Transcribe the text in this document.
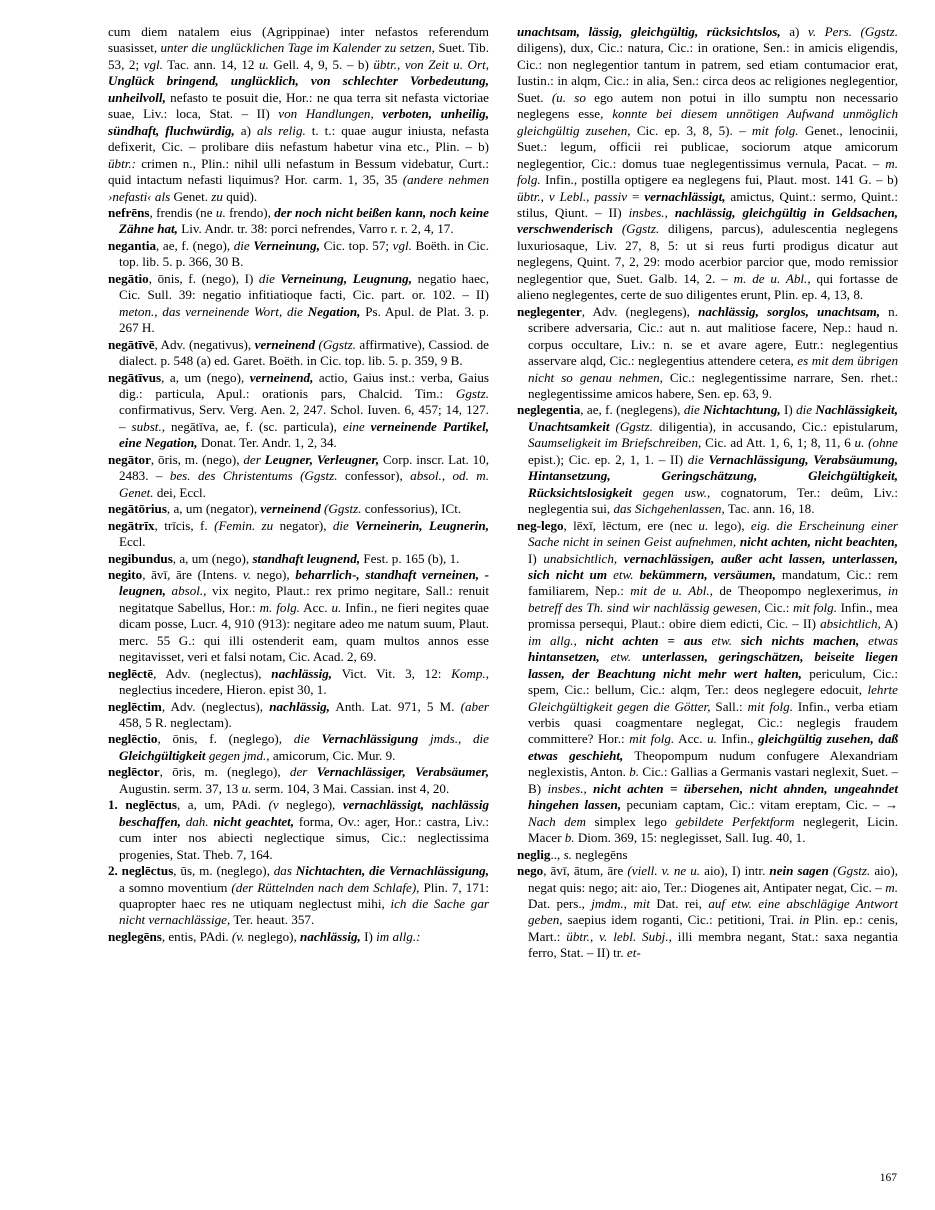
cum diem natalem eius (Agrippinae) inter nefastos referendum suasisset, unter die unglücklichen Tage im Kalender zu setzen, Suet. Tib. 53, 2; vgl. Tac. ann. 14, 12 u. Gell. 4, 9, 5. – b) übtr., von Zeit u. Ort, Unglück bringend, unglücklich, von schlechter Vorbedeutung, unheilvoll, nefasto te posuit die, Hor.: ne qua terra sit nefasta victoriae suae, Liv.: loca, Stat. – II) von Handlungen, verboten, unheilig, sündhaft, fluchwürdig, a) als relig. t. t.: quae augur iniusta, nefasta defixerit, Cic. – prolibare diis nefastum habetur vina etc., Plin. – b) übtr.: crimen n., Plin.: nihil ulli nefastum in Bessum videbatur, Curt.: quid intactum nefasti liquimus? Hor. carm. 1, 35, 35 (andere nehmen ›nefasti‹ als Genet. zu quid).

nefrēns, frendis (ne u. frendo), der noch nicht beißen kann, noch keine Zähne hat, Liv. Andr. tr. 38: porci nefrendes, Varro r. r. 2, 4, 17.

negantia, ae, f. (nego), die Verneinung, Cic. top. 57; vgl. Boëth. in Cic. top. lib. 5. p. 366, 30 B.

negātio, ōnis, f. (nego), I) die Verneinung, Leugnung, negatio haec, Cic. Sull. 39: negatio infitiatioque facti, Cic. part. or. 102. – II) meton., das verneinende Wort, die Negation, Ps. Apul. de Plat. 3. p. 267 H.

negātīvē, Adv. (negativus), verneinend (Ggstz. affirmative), Cassiod. de dialect. p. 548 (a) ed. Garet. Boëth. in Cic. top. lib. 5. p. 359, 9 B.

negātīvus, a, um (nego), verneinend, actio, Gaius inst.: verba, Gaius dig.: particula, Apul.: orationis pars, Chalcid. Tim.: Ggstz. confirmativus, Serv. Verg. Aen. 2, 247. Schol. Iuven. 6, 457; 14, 127. – subst., negātīva, ae, f. (sc. particula), eine verneinende Partikel, eine Negation, Donat. Ter. Andr. 1, 2, 34.

negātor, ōris, m. (nego), der Leugner, Verleugner, Corp. inscr. Lat. 10, 2483. – bes. des Christentums (Ggstz. confessor), absol., od. m. Genet. dei, Eccl.

negātōrius, a, um (negator), verneinend (Ggstz. confessorius), ICt.

negātrīx, trīcis, f. (Femin. zu negator), die Verneinerin, Leugnerin, Eccl.

negibundus, a, um (nego), standhaft leugnend, Fest. p. 165 (b), 1.

negito, āvī, āre (Intens. v. nego), beharrlich-, standhaft verneinen, -leugnen, absol., vix negito, Plaut.: rex primo negitare, Sall.: renuit negitatque Sabellus, Hor.: m. folg. Acc. u. Infin., ne fieri negites quae dicam posse, Lucr. 4, 910 (913): negitare adeo me natum suum, Plaut. merc. 55 G.: qui illi ostenderit eam, quam multos annos esse negitavisset, veri et falsi notam, Cic. Acad. 2, 69.

neglēctē, Adv. (neglectus), nachlässig, Vict. Vit. 3, 12: Komp., neglectius incedere, Hieron. epist 30, 1.

neglēctim, Adv. (neglectus), nachlässig, Anth. Lat. 971, 5 M. (aber 458, 5 R. neglectam).

neglēctio, ōnis, f. (neglego), die Vernachlässigung jmds., die Gleichgültigkeit gegen jmd., amicorum, Cic. Mur. 9.

neglēctor, ōris, m. (neglego), der Vernachlässiger, Verabsäumer, Augustin. serm. 37, 13 u. serm. 104, 3 Mai. Cassian. inst 4, 20.

1. neglēctus, a, um, PAdi. (v neglego), vernachlässigt, nachlässig beschaffen, dah. nicht geachtet, forma, Ov.: ager, Hor.: castra, Liv.: cum inter nos abiecti neglectique simus, Cic.: neglectissima progenies, Stat. Theb. 7, 164.

2. neglēctus, ūs, m. (neglego), das Nichtachten, die Vernachlässigung, a somno moventium (der Rüttelnden nach dem Schlafe), Plin. 7, 171: quapropter haec res ne utiquam neglectust mihi, ich die Sache gar nicht vernachlässige, Ter. heaut. 357.

neglegēns, entis, PAdi. (v. neglego), nachlässig, I) im allg.:

unachtsam, lässig, gleichgültig, rücksichtslos, a) v. Pers. (Ggstz. diligens), dux, Cic.: natura, Cic.: in oratione, Sen.: in amicis eligendis, Cic.: non neglegentior tantum in patrem, sed etiam contumacior erat, Iustin.: in alqm, Cic.: in alia, Sen.: circa deos ac religiones neglegentior, Suet. (u. so ego autem non potui in illo sumptu non necessario neglegens esse, konnte bei diesem unnötigen Aufwand unmöglich gleichgültig zusehen, Cic. ep. 3, 8, 5). – mit folg. Genet., lenocinii, Suet.: legum, officii rei publicae, sociorum atque amicorum neglegentior, Cic.: domus tuae neglegentissimus vernula, Pacat. – m. folg. Infin., postilla optigere ea neglegens fui, Plaut. most. 141 G. – b) übtr., v Lebl., passiv = vernachlässigt, amictus, Quint.: sermo, Quint.: stilus, Qiunt. – II) insbes., nachlässig, gleichgültig in Geldsachen, verschwenderisch (Ggstz. diligens, parcus), adulescentia neglegens luxuriosaque, Liv. 27, 8, 5: ut si reus furti prodigus dicatur aut neglegens, Quint. 7, 2, 29: modo acerbior parcior que, modo remissior neglegentior que, Suet. Galb. 14, 2. – m. de u. Abl., qui fortasse de alieno neglegentes, certe de suo diligentes erunt, Plin. ep. 4, 13, 8.

neglegenter, Adv. (neglegens), nachlässig, sorglos, unachtsam, n. scribere adversaria, Cic.: aut n. aut malitiose facere, Nep.: haud n. corpus occultare, Liv.: n. se et avare agere, Eutr.: neglegentius asservare alqd, Cic.: neglegentius attendere cetera, es mit dem übrigen nicht so genau nehmen, Cic.: neglegentissime narrare, Sen. rhet.: neglegentissime amicos habere, Sen. ep. 63, 9.

neglegentia, ae, f. (neglegens), die Nichtachtung, I) die Nachlässigkeit, Unachtsamkeit (Ggstz. diligentia), in accusando, Cic.: epistularum, Saumseligkeit im Briefschreiben, Cic. ad Att. 1, 6, 1; 8, 11, 6 u. (ohne epist.); Cic. ep. 2, 1, 1. – II) die Vernachlässigung, Verabsäumung, Hintansetzung, Geringschätzung, Gleichgültigkeit, Rücksichtslosigkeit gegen usw., cognatorum, Ter.: deûm, Liv.: neglegentia sui, das Sichgehenlassen, Tac. ann. 16, 18.

neg-lego, lēxī, lēctum, ere (nec u. lego), eig. die Erscheinung einer Sache nicht in seinen Geist aufnehmen, nicht achten, nicht beachten, I) unabsichtlich, vernachlässigen, außer acht lassen, unterlassen, sich nicht um etw. bekümmern, versäumen, mandatum, Cic.: rem familiarem, Nep.: mit de u. Abl., de Theopompo neglexerimus, in betreff des Th. sind wir nachlässig gewesen, Cic.: mit folg. Infin., mea promissa persequi, Plaut.: obire diem edicti, Cic. – II) absichtlich, A) im allg., nicht achten = aus etw. sich nichts machen, etwas hintansetzen, etw. unterlassen, geringschätzen, beiseite liegen lassen, der Beachtung nicht mehr wert halten, periculum, Cic.: spem, Cic.: bellum, Cic.: alqm, Ter.: deos neglegere edocuit, lehrte Gleichgültigkeit gegen die Götter, Sall.: mit folg. Infin., verba etiam verbis quasi coagmentare neglegat, Cic.: neglegis fraudem committere? Hor.: mit folg. Acc. u. Infin., gleichgültig zusehen, daß etwas geschieht, Theopompum nudum confugere Alexandriam neglexistis, Anton. b. Cic.: Gallias a Germanis vastari neglexit, Suet. – B) insbes., nicht achten = übersehen, nicht ahnden, ungeahndet hingehen lassen, pecuniam captam, Cic.: vitam ereptam, Cic. – → Nach dem simplex lego gebildete Perfektform neglegerit, Licin. Macer b. Diom. 369, 15: neglegisset, Sall. Iug. 40, 1.

neglig.., s. neglegēns

nego, āvī, ātum, āre (viell. v. ne u. aio), I) intr. nein sagen (Ggstz. aio), negat quis: nego; ait: aio, Ter.: Diogenes ait, Antipater negat, Cic. – m. Dat. pers., jmdm., mit Dat. rei, auf etw. eine abschlägige Antwort geben, saepius idem roganti, Cic.: petitioni, Trai. in Plin. ep.: cenis, Mart.: übtr., v. lebl. Subj., illi membra negant, Stat.: saxa negantia ferro, Stat. – II) tr. et-

167
